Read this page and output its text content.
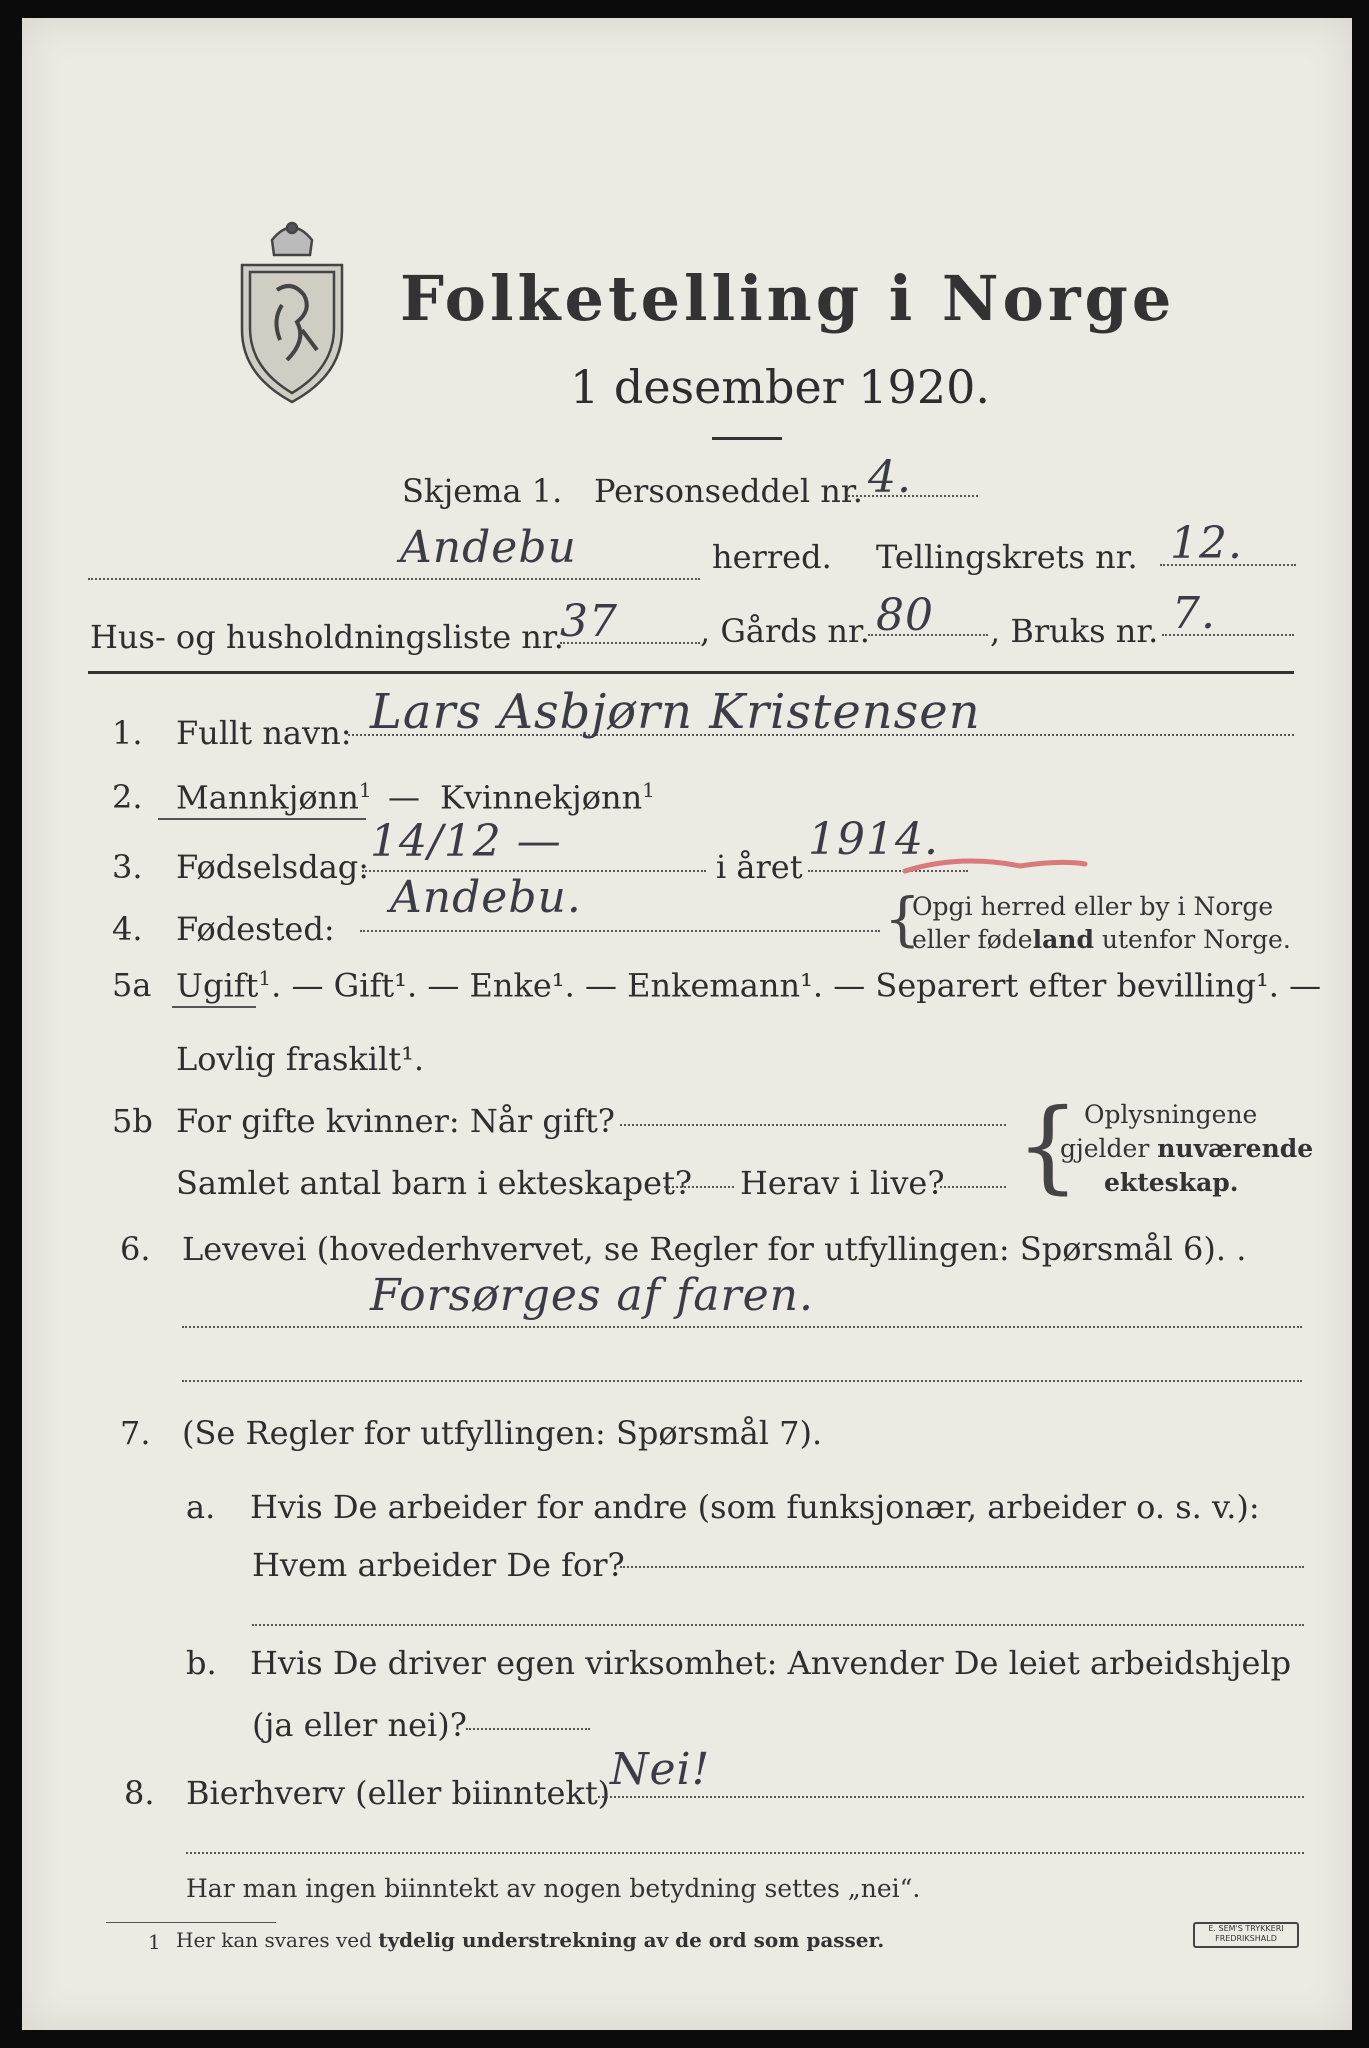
Folketelling i Norge
1 desember 1920.
Skjema 1. Personseddel nr. 4.
Andebu	herred. Tellingskrets nr. 12.
Hus- og husholdningsliste nr.
37	, Gårds nr. 80 , Bruks nr. 7.
1. Fullt navn: Lars Asbjørn Kristensen
2. Mannkjønn$^1$ — Kvinnekjønn$^1$
3. Fødselsdag: 14/12 —	i året
1914.
4. Fødested:
Andebu.	{
Opgi herred eller by i Norge
eller fødeland utenfor Norge.
5a Ugift$^1$. — Gift¹. — Enke¹. — Enkemann¹. — Separert efter bevilling¹. —
Lovlig fraskilt¹.
5b For gifte kvinner: Når gift?
Samlet antal barn i ekteskapet? Herav i live? { Oplysningene
gjelder nuværende
ekteskap.
6. Levevei (hovederhvervet, se Regler for utfyllingen: Spørsmål 6). .
Forsørges af faren.
7. (Se Regler for utfyllingen: Spørsmål 7).
a. Hvis De arbeider for andre (som funksjonær, arbeider o. s. v.):
Hvem arbeider De for?
b. Hvis De driver egen virksomhet: Anvender De leiet arbeidshjelp
(ja eller nei)?
8. Bierhverv (eller biinntekt) Nei!
Har man ingen biinntekt av nogen betydning settes „nei“.
1 Her kan svares ved tydelig understrekning av de ord som passer.	E. SEM'S TRYKKERI
FREDRIKSHALD
